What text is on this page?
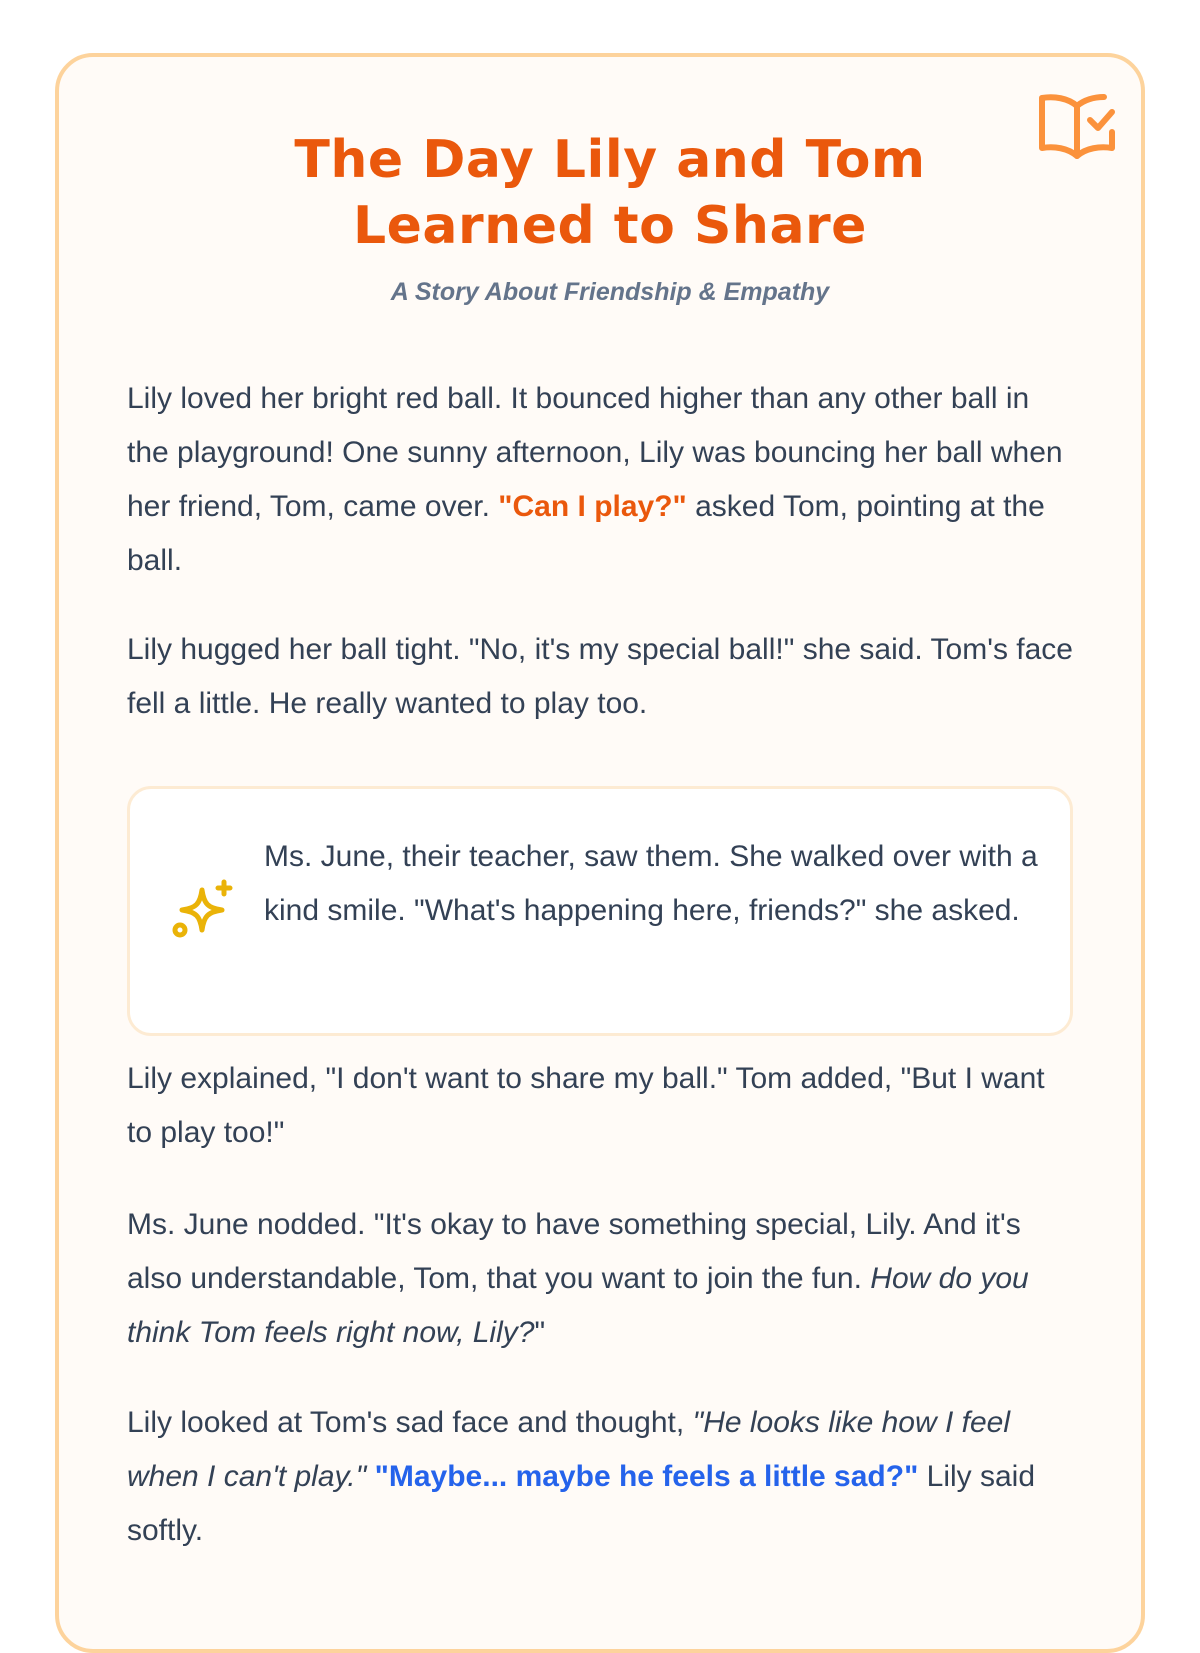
The Day Lily and Tom Learned to Share
A Story About Friendship & Empathy

Lily loved her bright red ball. It bounced higher than any other ball in the playground! One sunny afternoon, Lily was bouncing her ball when her friend, Tom, came over. "Can I play?" asked Tom, pointing at the ball.

Lily hugged her ball tight. "No, it's my special ball!" she said. Tom's face fell a little. He really wanted to play too.

Ms. June, their teacher, saw them. She walked over with a kind smile. "What's happening here, friends?" she asked.

Lily explained, "I don't want to share my ball." Tom added, "But I want to play too!"

Ms. June nodded. "It's okay to have something special, Lily. And it's also understandable, Tom, that you want to join the fun. How do you think Tom feels right now, Lily?"

Lily looked at Tom's sad face and thought, "He looks like how I feel when I can't play." "Maybe... maybe he feels a little sad?" Lily said softly.
